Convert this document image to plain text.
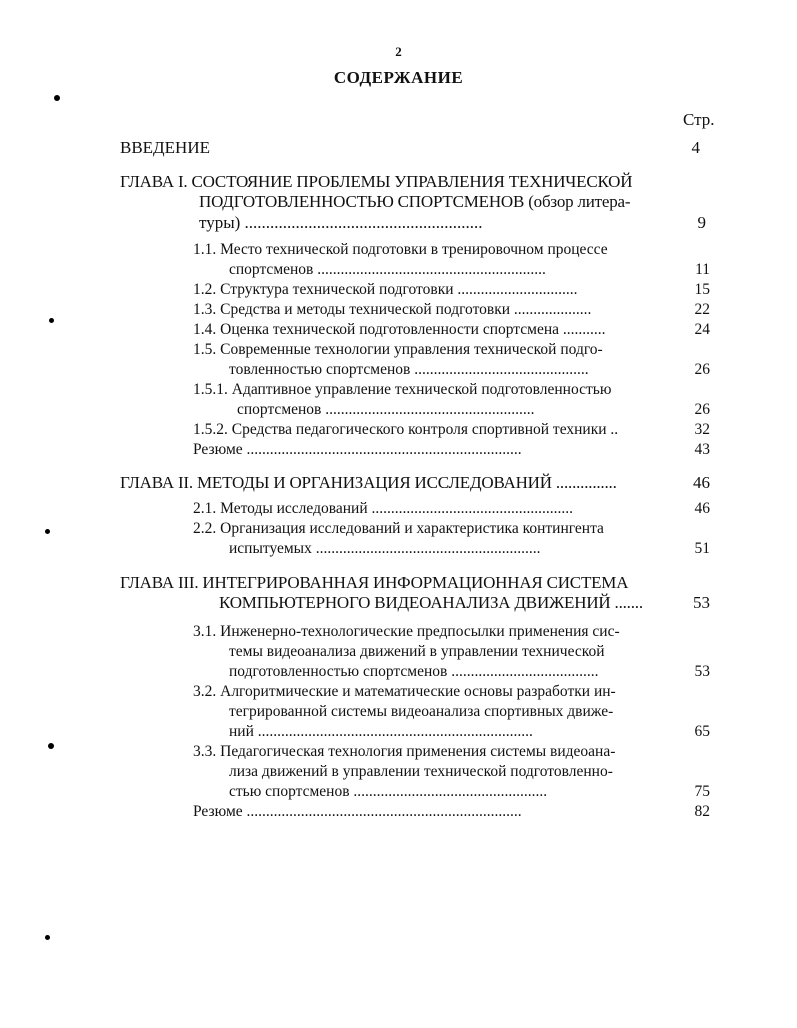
2
СОДЕРЖАНИЕ
Стр.
ВВЕДЕНИЕ	4
ГЛАВА I. СОСТОЯНИЕ ПРОБЛЕМЫ УПРАВЛЕНИЯ ТЕХНИЧЕСКОЙ
ПОДГОТОВЛЕННОСТЬЮ СПОРТСМЕНОВ (обзор литера-
туры) ........................................................	9
1.1. Место технической подготовки в тренировочном процессе
спортсменов ...........................................................	11
1.2. Структура технической подготовки ...............................	15
1.3. Средства и методы технической подготовки ....................	22
1.4. Оценка технической подготовленности спортсмена ...........	24
1.5. Современные технологии управления технической подго-
товленностью спортсменов .............................................	26
1.5.1. Адаптивное управление технической подготовленностью
спортсменов ......................................................	26
1.5.2. Средства педагогического контроля спортивной техники ..	32
Резюме .......................................................................	43
ГЛАВА II. МЕТОДЫ И ОРГАНИЗАЦИЯ ИССЛЕДОВАНИЙ ...............	46
2.1. Методы исследований ....................................................	46
2.2. Организация исследований и характеристика контингента
испытуемых ..........................................................	51
ГЛАВА III. ИНТЕГРИРОВАННАЯ ИНФОРМАЦИОННАЯ СИСТЕМА
КОМПЬЮТЕРНОГО ВИДЕОАНАЛИЗА ДВИЖЕНИЙ .......	53
3.1. Инженерно-технологические предпосылки применения сис-
темы видеоанализа движений в управлении технической
подготовленностью спортсменов ......................................	53
3.2. Алгоритмические и математические основы разработки ин-
тегрированной системы видеоанализа спортивных движе-
ний .......................................................................	65
3.3. Педагогическая технология применения системы видеоана-
лиза движений в управлении технической подготовленно-
стью спортсменов ..................................................	75
Резюме .......................................................................	82
